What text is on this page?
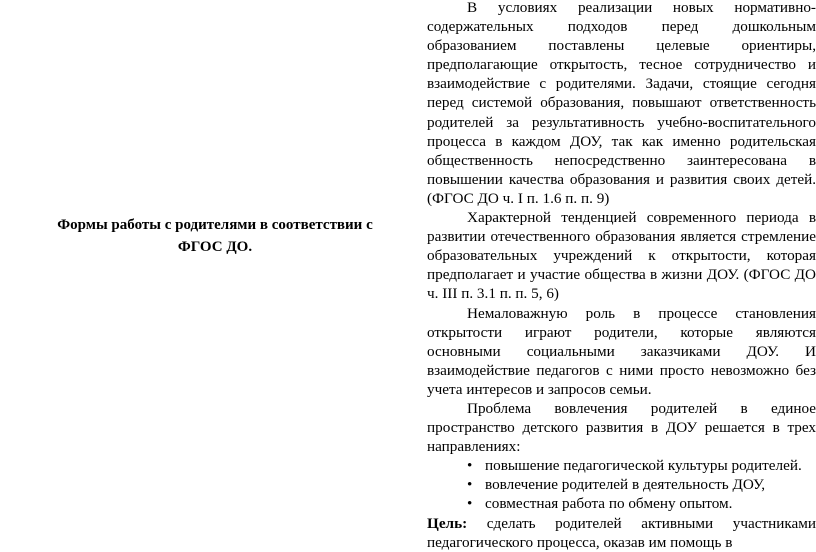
Формы работы с родителями в соответствии с
ФГОС ДО.

В условиях реализации новых нормативно-содержательных подходов перед дошкольным образованием поставлены целевые ориентиры, предполагающие открытость, тесное сотрудничество и взаимодействие с родителями. Задачи, стоящие сегодня перед системой образования, повышают ответственность родителей за результативность учебно-воспитательного процесса в каждом ДОУ, так как именно родительская общественность непосредственно заинтересована в повышении качества образования и развития своих детей. (ФГОС ДО ч. I п. 1.6 п. п. 9)

Характерной тенденцией современного периода в развитии отечественного образования является стремление образовательных учреждений к открытости, которая предполагает и участие общества в жизни ДОУ. (ФГОС ДО ч. III п. 3.1 п. п. 5, 6)

Немаловажную роль в процессе становления открытости играют родители, которые являются основными социальными заказчиками ДОУ. И взаимодействие педагогов с ними просто невозможно без учета интересов и запросов семьи.

Проблема вовлечения родителей в единое пространство детского развития в ДОУ решается в трех направлениях:

• повышение педагогической культуры родителей.
• вовлечение родителей в деятельность ДОУ,
• совместная работа по обмену опытом.

Цель: сделать родителей активными участниками педагогического процесса, оказав им помощь в
